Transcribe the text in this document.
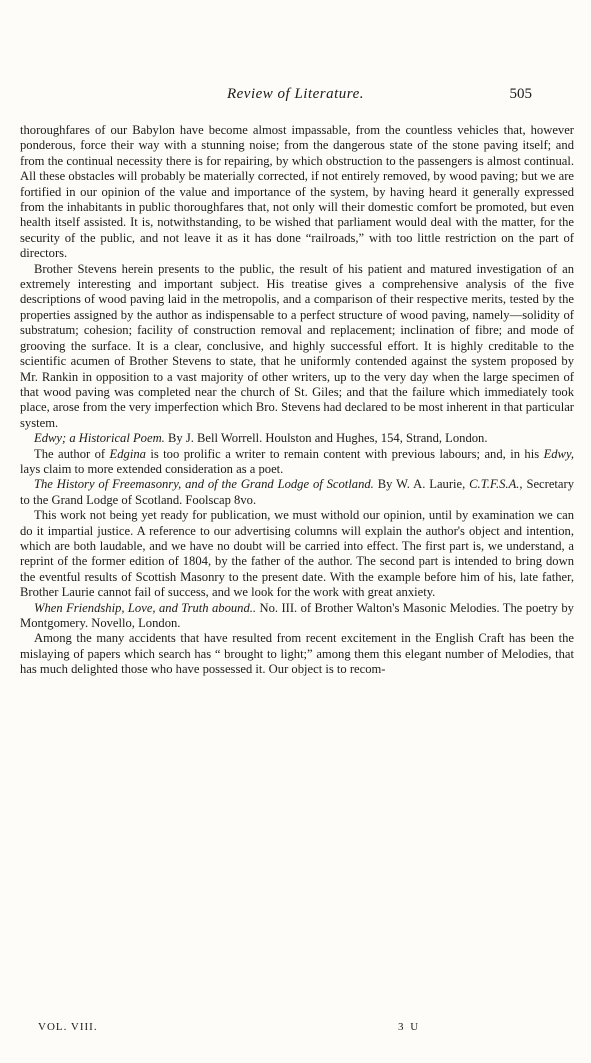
Review of Literature.	505

thoroughfares of our Babylon have become almost impassable, from the countless vehicles that, however ponderous, force their way with a stunning noise; from the dangerous state of the stone paving itself; and from the continual necessity there is for repairing, by which obstruction to the passengers is almost continual. All these obstacles will probably be materially corrected, if not entirely removed, by wood paving; but we are fortified in our opinion of the value and importance of the system, by having heard it generally expressed from the inhabitants in public thoroughfares that, not only will their domestic comfort be promoted, but even health itself assisted. It is, notwithstanding, to be wished that parliament would deal with the matter, for the security of the public, and not leave it as it has done “railroads,” with too little restriction on the part of directors.

Brother Stevens herein presents to the public, the result of his patient and matured investigation of an extremely interesting and important subject. His treatise gives a comprehensive analysis of the five descriptions of wood paving laid in the metropolis, and a comparison of their respective merits, tested by the properties assigned by the author as indispensable to a perfect structure of wood paving, namely—solidity of substratum; cohesion; facility of construction removal and replacement; inclination of fibre; and mode of grooving the surface. It is a clear, conclusive, and highly successful effort. It is highly creditable to the scientific acumen of Brother Stevens to state, that he uniformly contended against the system proposed by Mr. Rankin in opposition to a vast majority of other writers, up to the very day when the large specimen of that wood paving was completed near the church of St. Giles; and that the failure which immediately took place, arose from the very imperfection which Bro. Stevens had declared to be most inherent in that particular system.

Edwy; a Historical Poem. By J. Bell Worrell. Houlston and Hughes, 154, Strand, London.

The author of Edgina is too prolific a writer to remain content with previous labours; and, in his Edwy, lays claim to more extended consideration as a poet.

The History of Freemasonry, and of the Grand Lodge of Scotland. By W. A. Laurie, C.T.F.S.A., Secretary to the Grand Lodge of Scotland. Foolscap 8vo.

This work not being yet ready for publication, we must withold our opinion, until by examination we can do it impartial justice. A reference to our advertising columns will explain the author's object and intention, which are both laudable, and we have no doubt will be carried into effect. The first part is, we understand, a reprint of the former edition of 1804, by the father of the author. The second part is intended to bring down the eventful results of Scottish Masonry to the present date. With the example before him of his, late father, Brother Laurie cannot fail of success, and we look for the work with great anxiety.

When Friendship, Love, and Truth abound.. No. III. of Brother Walton's Masonic Melodies. The poetry by Montgomery. Novello, London.

Among the many accidents that have resulted from recent excitement in the English Craft has been the mislaying of papers which search has “ brought to light;” among them this elegant number of Melodies, that has much delighted those who have possessed it. Our object is to recom-

VOL. VIII.	3 U
